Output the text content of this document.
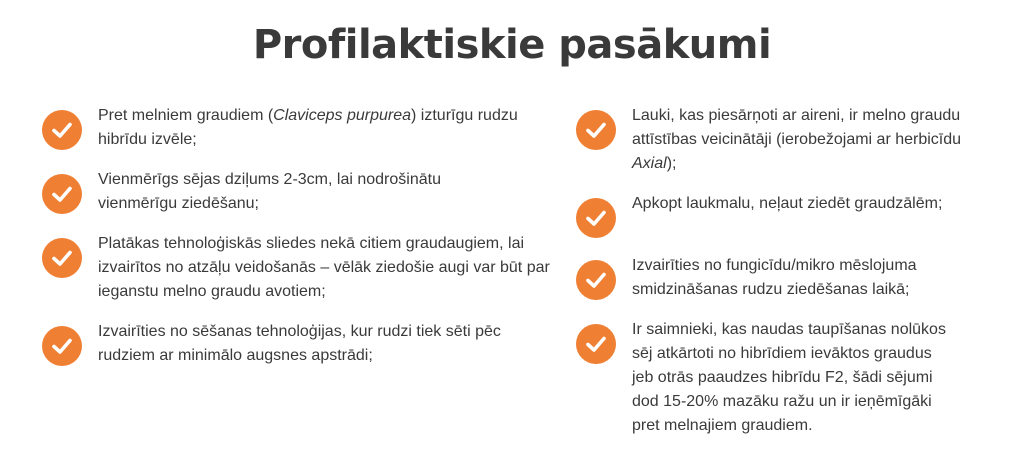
Profilaktiskie pasākumi
Pret melniem graudiem (Claviceps purpurea) izturīgu rudzu hibrīdu izvēle;
Vienmērīgs sējas dziļums 2-3cm, lai nodrošinātu vienmērīgu ziedēšanu;
Platākas tehnoloģiskās sliedes nekā citiem graudaugiem, lai izvairītos no atzāļu veidošanās – vēlāk ziedošie augi var būt par ieganstu melno graudu avotiem;
Izvairīties no sēšanas tehnoloģijas, kur rudzi tiek sēti pēc rudziem ar minimālo augsnes apstrādi;
Lauki, kas piesārņoti ar aireni, ir melno graudu attīstības veicinātāji (ierobežojami ar herbicīdu Axial);
Apkopt laukmalu, neļaut ziedēt graudzālēm;
Izvairīties no fungicīdu/mikro mēslojuma smidzināšanas rudzu ziedēšanas laikā;
Ir saimnieki, kas naudas taupīšanas nolūkos sēj atkārtoti no hibrīdiem ievāktos graudus jeb otrās paaudzes hibrīdu F2, šādi sējumi dod 15-20% mazāku ražu un ir ieņēmīgāki pret melnajiem graudiem.
